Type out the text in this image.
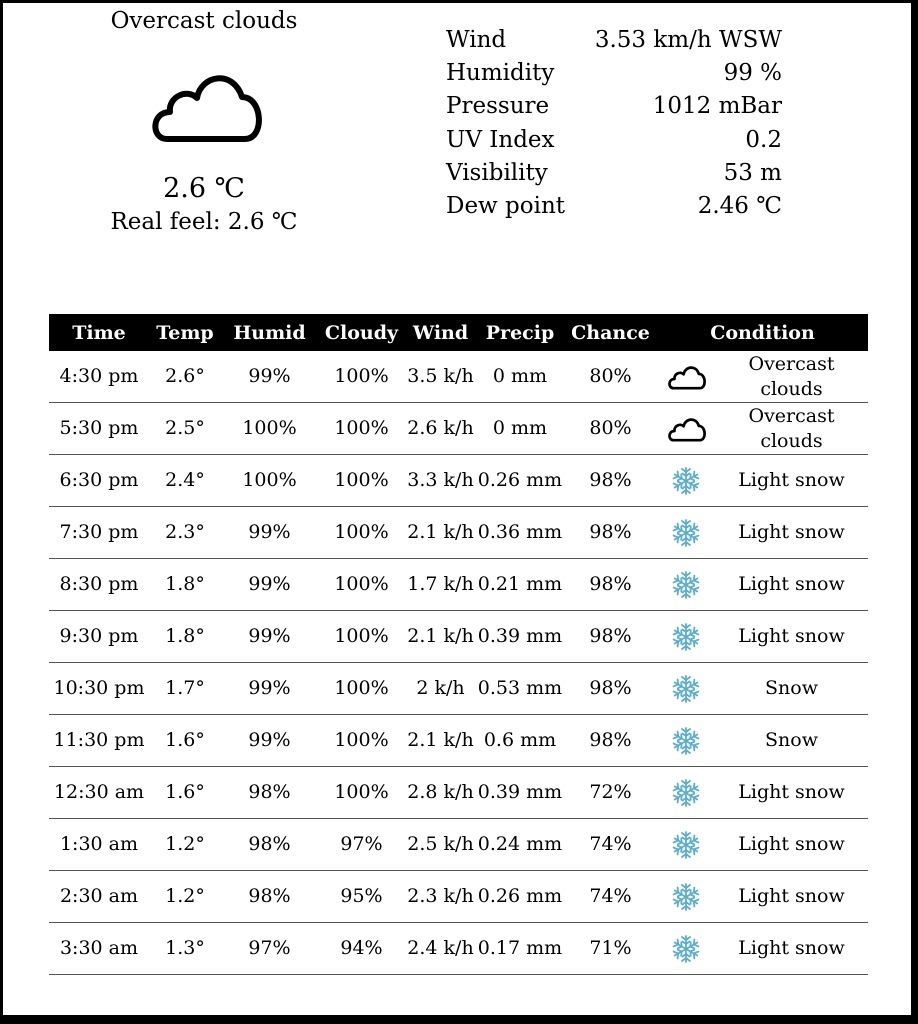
Overcast clouds
2.6 ℃
Real feel: 2.6 ℃
Wind	3.53 km/h WSW
Humidity	99 %
Pressure	1012 mBar
UV Index	0.2
Visibility	53 m
Dew point	2.46 ℃
Time	Temp	Humid	Cloudy	Wind	Precip	Chance	Condition	
4:30 pm	2.6°	99%	100%	3.5 k/h	0 mm	80%		Overcast clouds
5:30 pm	2.5°	100%	100%	2.6 k/h	0 mm	80%		Overcast clouds
6:30 pm	2.4°	100%	100%	3.3 k/h	0.26 mm	98%		Light snow
7:30 pm	2.3°	99%	100%	2.1 k/h	0.36 mm	98%		Light snow
8:30 pm	1.8°	99%	100%	1.7 k/h	0.21 mm	98%		Light snow
9:30 pm	1.8°	99%	100%	2.1 k/h	0.39 mm	98%		Light snow
10:30 pm	1.7°	99%	100%	2 k/h	0.53 mm	98%		Snow
11:30 pm	1.6°	99%	100%	2.1 k/h	0.6 mm	98%		Snow
12:30 am	1.6°	98%	100%	2.8 k/h	0.39 mm	72%		Light snow
1:30 am	1.2°	98%	97%	2.5 k/h	0.24 mm	74%		Light snow
2:30 am	1.2°	98%	95%	2.3 k/h	0.26 mm	74%		Light snow
3:30 am	1.3°	97%	94%	2.4 k/h	0.17 mm	71%		Light snow
